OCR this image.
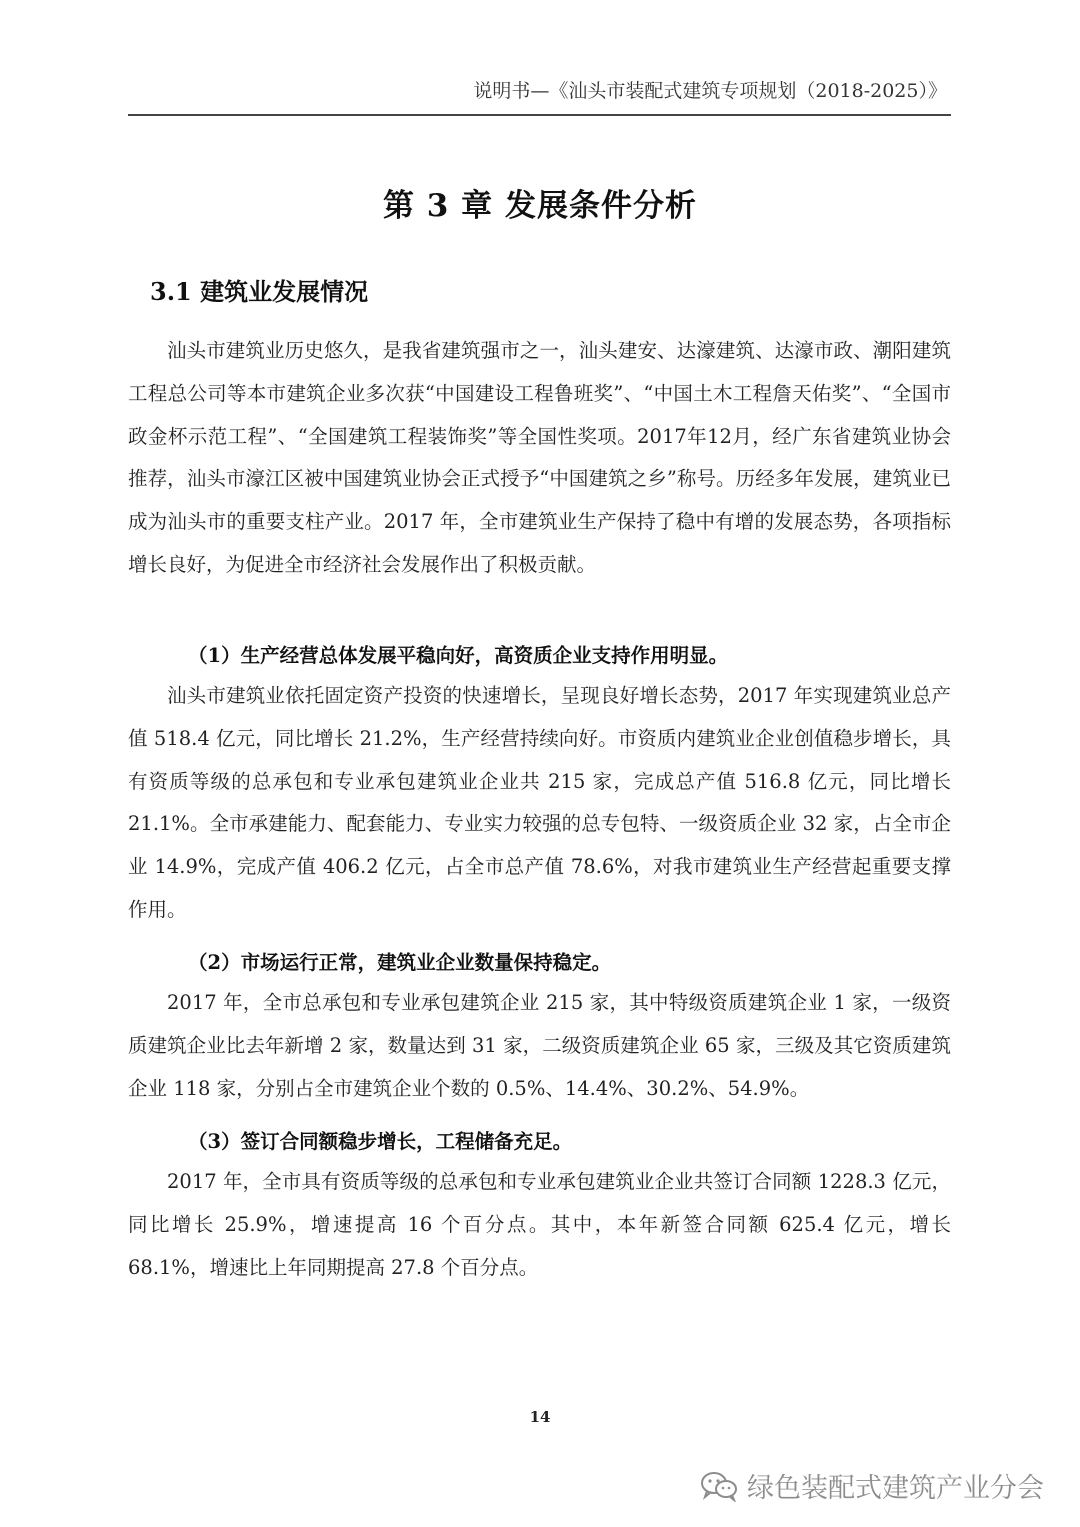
说明书—《汕头市装配式建筑专项规划（2018-2025）》
第 3 章 发展条件分析
3.1 建筑业发展情况

汕头市建筑业历史悠久，是我省建筑强市之一，汕头建安、达濠建筑、达濠市政、潮阳建筑工程总公司等本市建筑企业多次获“中国建设工程鲁班奖”、“中国土木工程詹天佑奖”、“全国市政金杯示范工程”、“全国建筑工程装饰奖”等全国性奖项。2017年12月，经广东省建筑业协会推荐，汕头市濠江区被中国建筑业协会正式授予“中国建筑之乡”称号。历经多年发展，建筑业已成为汕头市的重要支柱产业。2017 年，全市建筑业生产保持了稳中有增的发展态势，各项指标增长良好，为促进全市经济社会发展作出了积极贡献。

（1）生产经营总体发展平稳向好，高资质企业支持作用明显。

汕头市建筑业依托固定资产投资的快速增长，呈现良好增长态势，2017 年实现建筑业总产值 518.4 亿元，同比增长 21.2%，生产经营持续向好。市资质内建筑业企业创值稳步增长，具有资质等级的总承包和专业承包建筑业企业共 215 家，完成总产值 516.8 亿元，同比增长 21.1%。全市承建能力、配套能力、专业实力较强的总专包特、一级资质企业 32 家，占全市企业 14.9%，完成产值 406.2 亿元，占全市总产值 78.6%，对我市建筑业生产经营起重要支撑作用。

（2）市场运行正常，建筑业企业数量保持稳定。

2017 年，全市总承包和专业承包建筑企业 215 家，其中特级资质建筑企业 1 家，一级资质建筑企业比去年新增 2 家，数量达到 31 家，二级资质建筑企业 65 家，三级及其它资质建筑企业 118 家，分别占全市建筑企业个数的 0.5%、14.4%、30.2%、54.9%。

（3）签订合同额稳步增长，工程储备充足。

2017 年，全市具有资质等级的总承包和专业承包建筑业企业共签订合同额 1228.3 亿元，同比增长 25.9%，增速提高 16 个百分点。其中，本年新签合同额 625.4 亿元，增长 68.1%，增速比上年同期提高 27.8 个百分点。

14
绿色装配式建筑产业分会
